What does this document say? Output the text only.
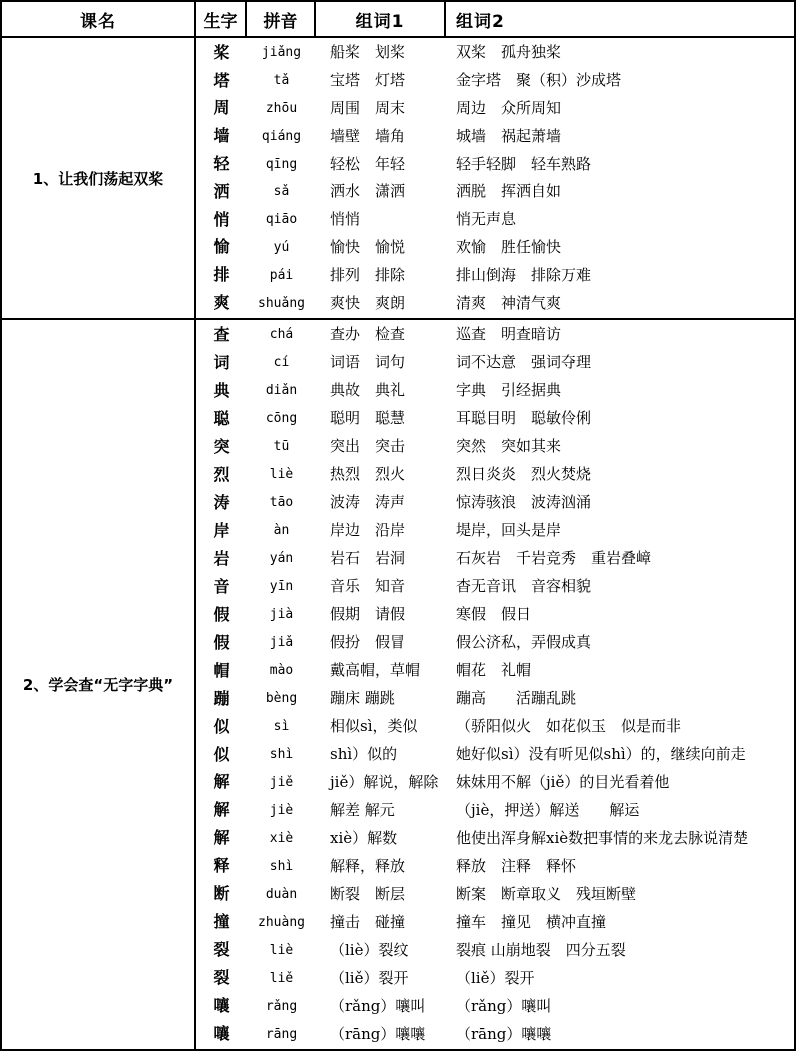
课名	生字	拼音	组词1	组词2
1、让我们荡起双桨
桨	jiǎng	船桨　划桨	双桨　孤舟独桨
塔	tǎ	宝塔　灯塔	金字塔　聚（积）沙成塔
周	zhōu	周围　周末	周边　众所周知
墙	qiáng	墙壁　墙角	城墙　祸起萧墙
轻	qīng	轻松　年轻	轻手轻脚　轻车熟路
洒	sǎ	洒水　潇洒	洒脱　挥洒自如
悄	qiāo	悄悄	悄无声息
愉	yú	愉快　愉悦	欢愉　胜任愉快
排	pái	排列　排除	排山倒海　排除万难
爽	shuǎng	爽快　爽朗	清爽　神清气爽
2、学会查“无字字典”
查	chá	查办　检查	巡查　明查暗访
词	cí	词语　词句	词不达意　强词夺理
典	diǎn	典故　典礼	字典　引经据典
聪	cōng	聪明　聪慧	耳聪目明　聪敏伶俐
突	tū	突出　突击	突然　突如其来
烈	liè	热烈　烈火	烈日炎炎　烈火焚烧
涛	tāo	波涛　涛声	惊涛骇浪　波涛汹涌
岸	àn	岸边　沿岸	堤岸，回头是岸
岩	yán	岩石　岩洞	石灰岩　千岩竞秀　重岩叠嶂
音	yīn	音乐　知音	杳无音讯　音容相貌
假	jià	假期　请假	寒假　假日
假	jiǎ	假扮　假冒	假公济私，弄假成真
帽	mào	戴高帽，草帽	帽花　礼帽
蹦	bèng	蹦床 蹦跳	蹦高　　活蹦乱跳
似	sì	相似sì，类似	（骄阳似火　如花似玉　似是而非
似	shì	shì）似的	她好似sì）没有听见似shì）的，继续向前走
解	jiě	jiě）解说，解除	妹妹用不解（jiě）的目光看着他
解	jiè	解差 解元	（jiè，押送）解送　　解运
解	xiè	xiè）解数	他使出浑身解xiè数把事情的来龙去脉说清楚
释	shì	解释，释放	释放　注释　释怀
断	duàn	断裂　断层	断案　断章取义　残垣断壁
撞	zhuàng	撞击　碰撞	撞车　撞见　横冲直撞
裂	liè	（liè）裂纹	裂痕 山崩地裂　四分五裂
裂	liě	（liě）裂开	（liě）裂开
嚷	rǎng	（rǎng）嚷叫	（rǎng）嚷叫
嚷	rāng	（rāng）嚷嚷	（rāng）嚷嚷
